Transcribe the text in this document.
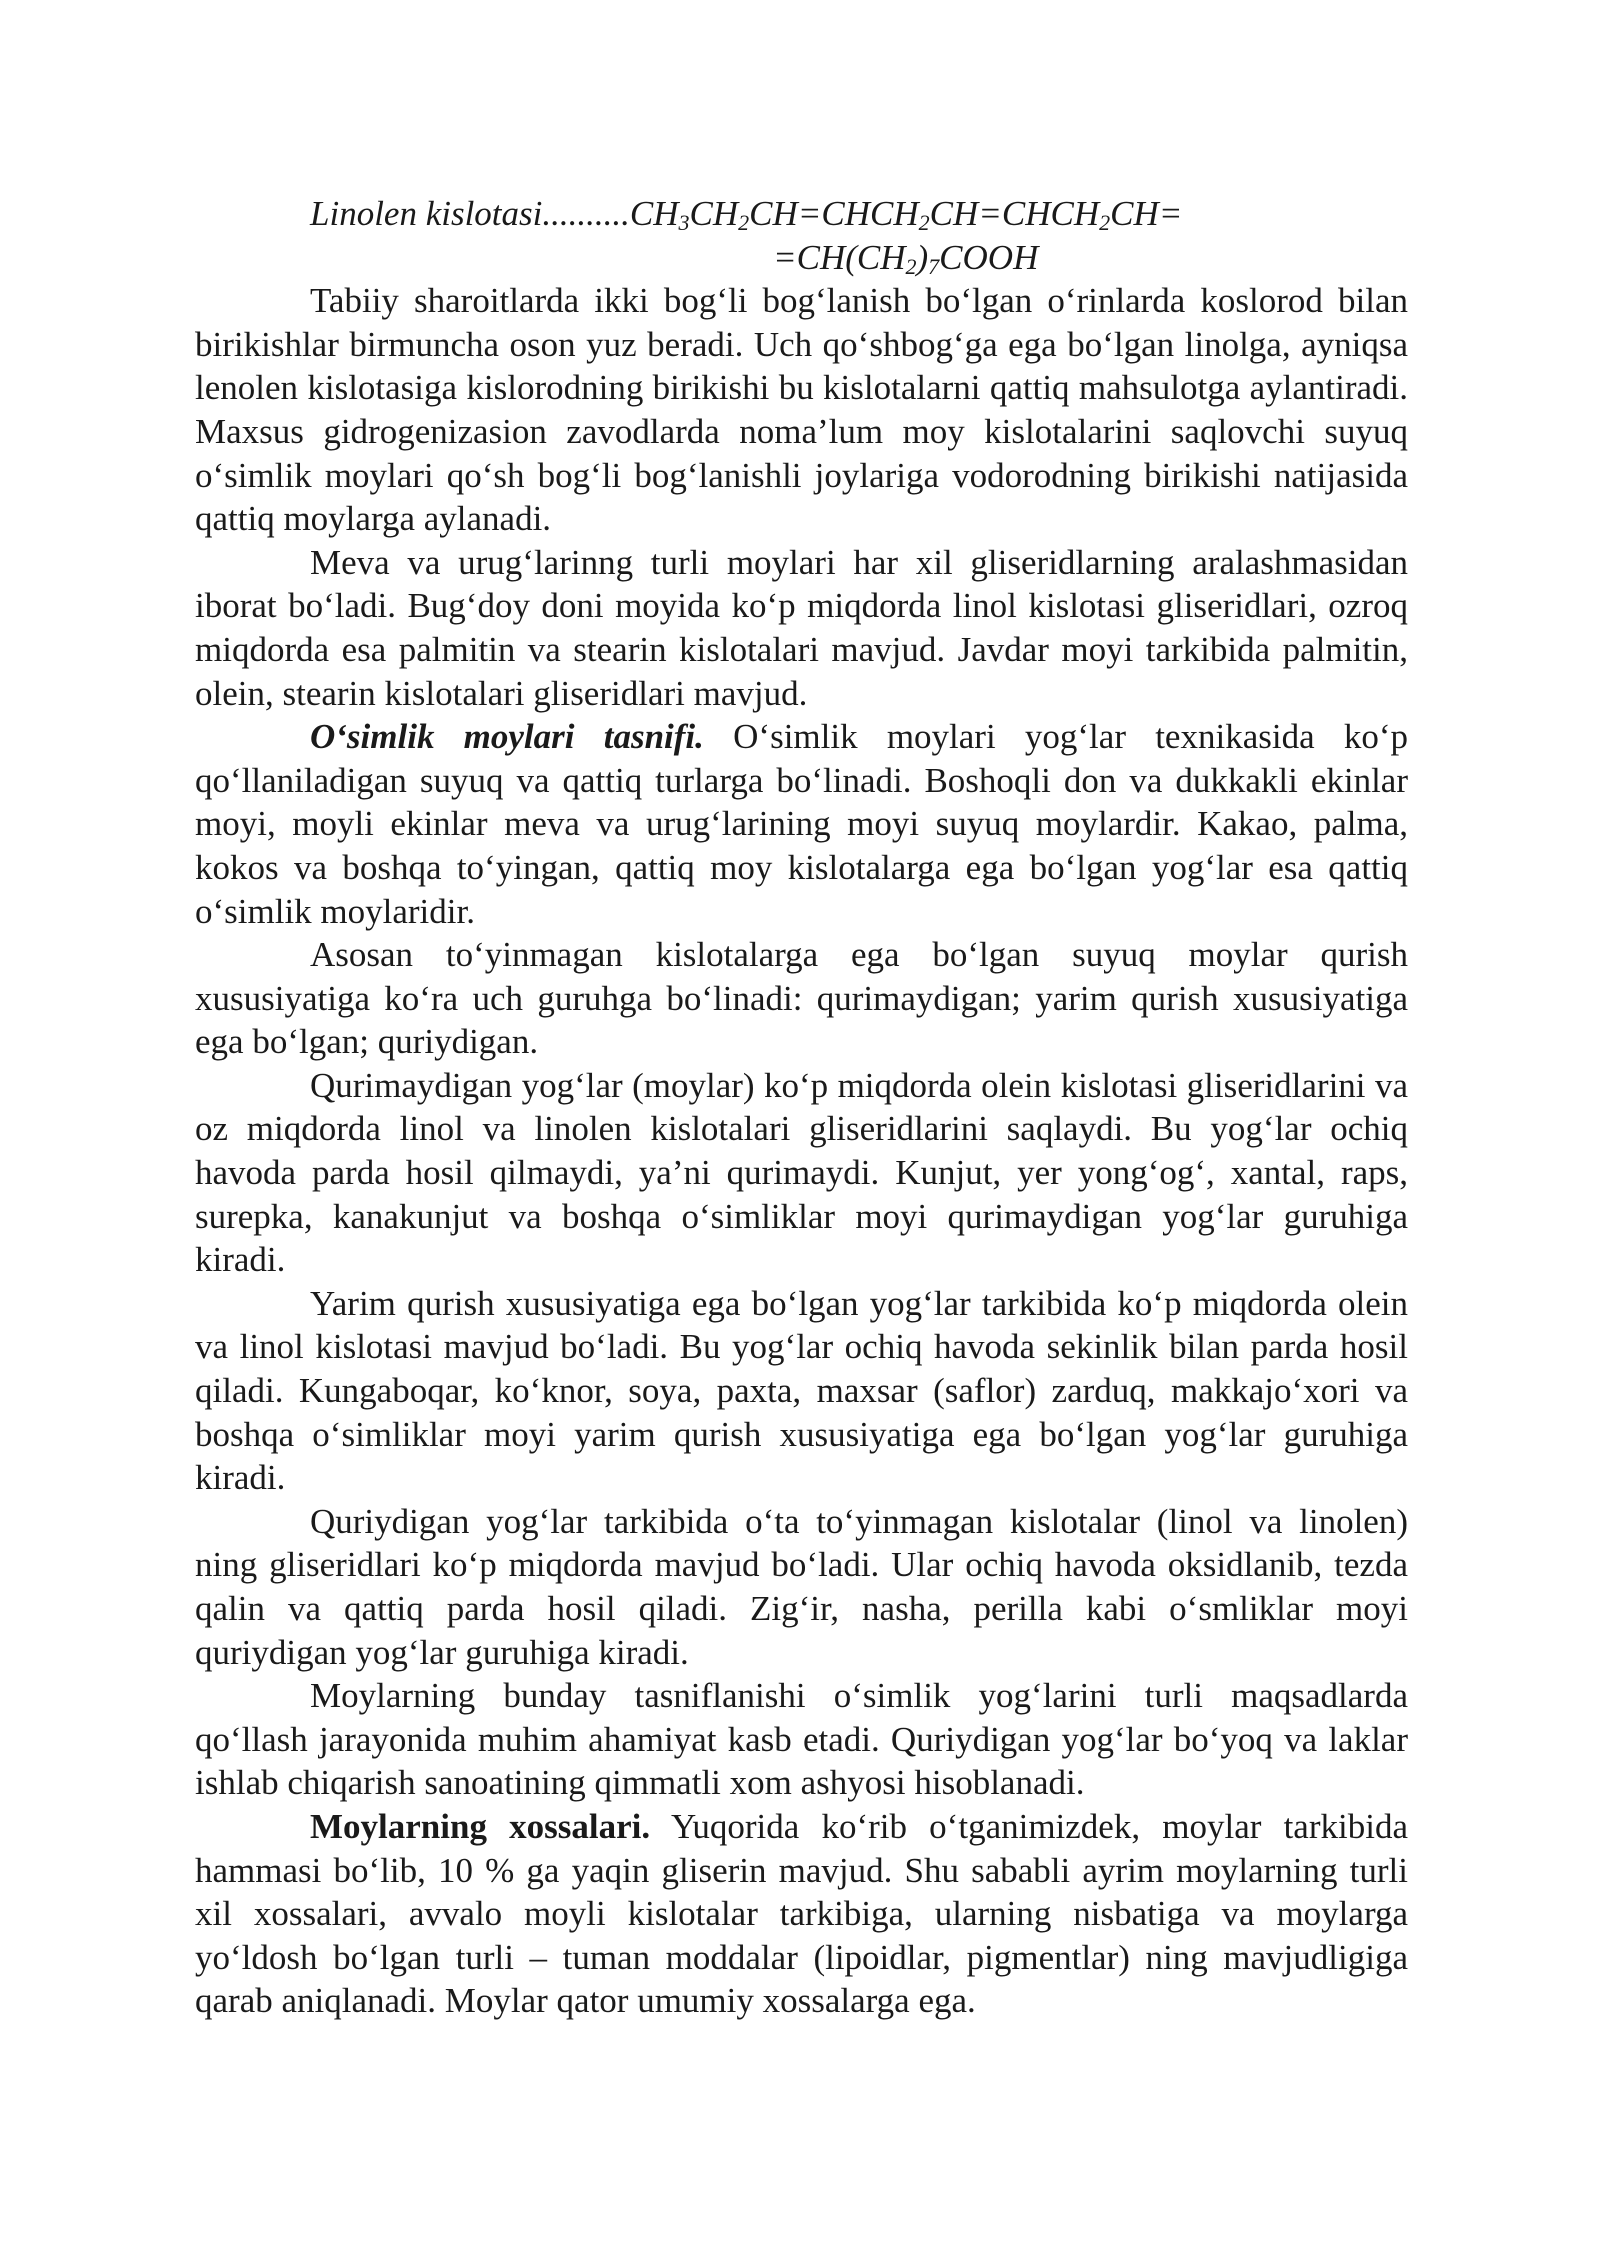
Linolen $kislotasi..........CH_3CH_2CH=CHCH_2CH=CHCH_2CH=$
$=CH(CH_2)_7COOH$

Tabiiy sharoitlarda ikki bog‘li bog‘lanish bo‘lgan o‘rinlarda koslorod bilan birikishlar birmuncha oson yuz beradi. Uch qo‘shbog‘ga ega bo‘lgan linolga, ayniqsa lenolen kislotasiga kislorodning birikishi bu kislotalarni qattiq mahsulotga aylantiradi. Maxsus gidrogenizasion zavodlarda noma’lum moy kislotalarini saqlovchi suyuq o‘simlik moylari qo‘sh bog‘li bog‘lanishli joylariga vodorodning birikishi natijasida qattiq moylarga aylanadi.

Meva va urug‘larinng turli moylari har xil gliseridlarning aralashmasidan iborat bo‘ladi. Bug‘doy doni moyida ko‘p miqdorda linol kislotasi gliseridlari, ozroq miqdorda esa palmitin va stearin kislotalari mavjud. Javdar moyi tarkibida palmitin, olein, stearin kislotalari gliseridlari mavjud.

O‘simlik moylari tasnifi. O‘simlik moylari yog‘lar texnikasida ko‘p qo‘llaniladigan suyuq va qattiq turlarga bo‘linadi. Boshoqli don va dukkakli ekinlar moyi, moyli ekinlar meva va urug‘larining moyi suyuq moylardir. Kakao, palma, kokos va boshqa to‘yingan, qattiq moy kislotalarga ega bo‘lgan yog‘lar esa qattiq o‘simlik moylaridir.

Asosan to‘yinmagan kislotalarga ega bo‘lgan suyuq moylar qurish xususiyatiga ko‘ra uch guruhga bo‘linadi: qurimaydigan; yarim qurish xususiyatiga ega bo‘lgan; quriydigan.

Qurimaydigan yog‘lar (moylar) ko‘p miqdorda olein kislotasi gliseridlarini va oz miqdorda linol va linolen kislotalari gliseridlarini saqlaydi. Bu yog‘lar ochiq havoda parda hosil qilmaydi, ya’ni qurimaydi. Kunjut, yer yong‘og‘, xantal, raps, surepka, kanakunjut va boshqa o‘simliklar moyi qurimaydigan yog‘lar guruhiga kiradi.

Yarim qurish xususiyatiga ega bo‘lgan yog‘lar tarkibida ko‘p miqdorda olein va linol kislotasi mavjud bo‘ladi. Bu yog‘lar ochiq havoda sekinlik bilan parda hosil qiladi. Kungaboqar, ko‘knor, soya, paxta, maxsar (saflor) zarduq, makkajo‘xori va boshqa o‘simliklar moyi yarim qurish xususiyatiga ega bo‘lgan yog‘lar guruhiga kiradi.

Quriydigan yog‘lar tarkibida o‘ta to‘yinmagan kislotalar (linol va linolen) ning gliseridlari ko‘p miqdorda mavjud bo‘ladi. Ular ochiq havoda oksidlanib, tezda qalin va qattiq parda hosil qiladi. Zig‘ir, nasha, perilla kabi o‘smliklar moyi quriydigan yog‘lar guruhiga kiradi.

Moylarning bunday tasniflanishi o‘simlik yog‘larini turli maqsadlarda qo‘llash jarayonida muhim ahamiyat kasb etadi. Quriydigan yog‘lar bo‘yoq va laklar ishlab chiqarish sanoatining qimmatli xom ashyosi hisoblanadi.

Moylarning xossalari. Yuqorida ko‘rib o‘tganimizdek, moylar tarkibida hammasi bo‘lib, 10 % ga yaqin gliserin mavjud. Shu sababli ayrim moylarning turli xil xossalari, avvalo moyli kislotalar tarkibiga, ularning nisbatiga va moylarga yo‘ldosh bo‘lgan turli – tuman moddalar (lipoidlar, pigmentlar) ning mavjudligiga qarab aniqlanadi. Moylar qator umumiy xossalarga ega.
